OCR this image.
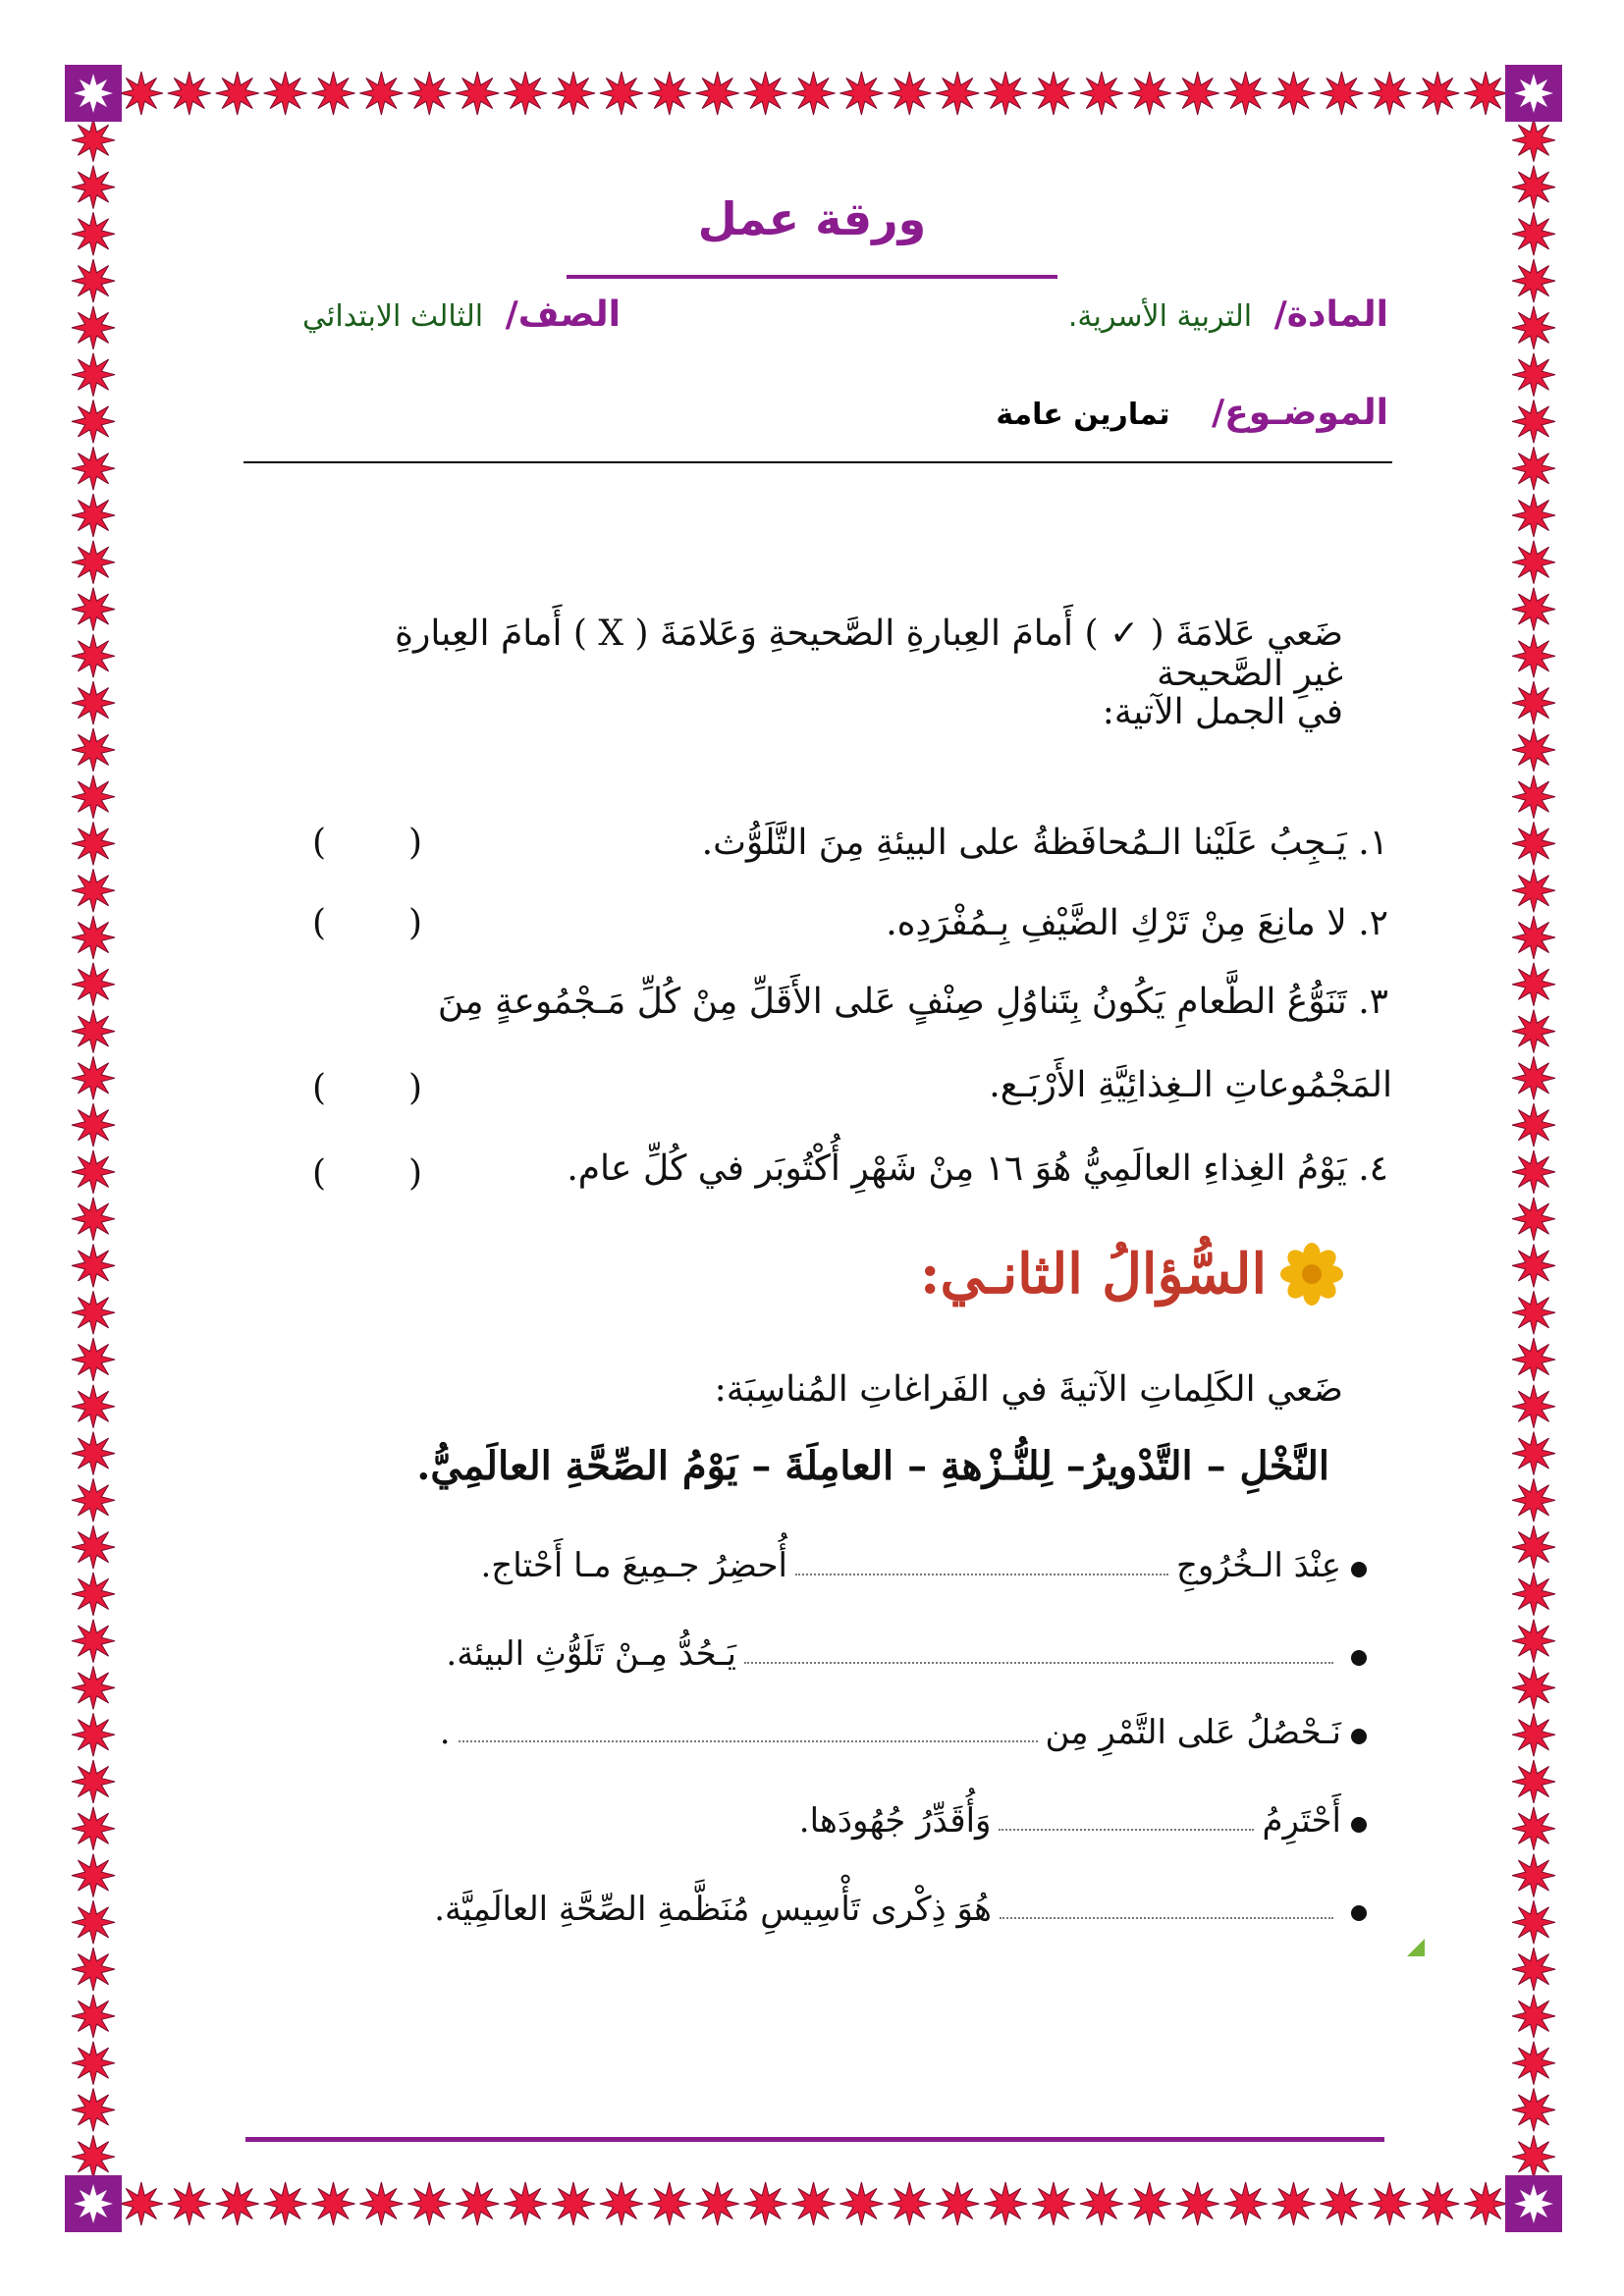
ورقة عمل
المادة/ التربية الأسرية.
الصف/ الثالث الابتدائي
الموضـوع/ تمارين عامة
ضَعي عَلامَةَ ( ✓ ) أَمامَ العِبارةِ الصَّحيحةِ وَعَلامَةَ ( X ) أَمامَ العِبارةِ غيرِ الصَّحيحة
في الجمل الآتية:
١. يَـجِبُ عَلَيْنا الـمُحافَظةُ على البيئةِ مِنَ التَّلَوُّث.
( )
٢. لا مانِعَ مِنْ تَرْكِ الضَّيْفِ بِـمُفْرَدِه.
( )
٣. تَنَوُّعُ الطَّعامِ يَكُونُ بِتَناوُلِ صِنْفٍ عَلى الأَقَلِّ مِنْ كُلِّ مَـجْمُوعةٍ مِنَ
المَجْمُوعاتِ الـغِذائِيَّةِ الأَرْبَـع.
( )
٤. يَوْمُ الغِذاءِ العالَمِيُّ هُوَ ١٦ مِنْ شَهْرِ أُكْتُوبَر في كُلِّ عام.
( )
السُّؤالُ الثانـي:
ضَعي الكَلِماتِ الآتيةَ في الفَراغاتِ المُناسِبَة:
النَّخْلِ – التَّدْويرُ– لِلنُّـزْهةِ – العامِلَةَ – يَوْمُ الصِّحَّةِ العالَمِيُّ.
عِنْدَ الـخُرُوجِ
أُحضِرُ جـمِيعَ مـا أَحْتاج.
يَـحُدُّ مِـنْ تَلَوُّثِ البيئة.
نَـحْصُلُ عَلى التَّمْرِ مِن
.
أَحْتَرِمُ
وَأُقَدِّرُ جُهُودَها.
هُوَ ذِكْرى تَأْسِيسِ مُنَظَّمةِ الصِّحَّةِ العالَمِيَّة.
